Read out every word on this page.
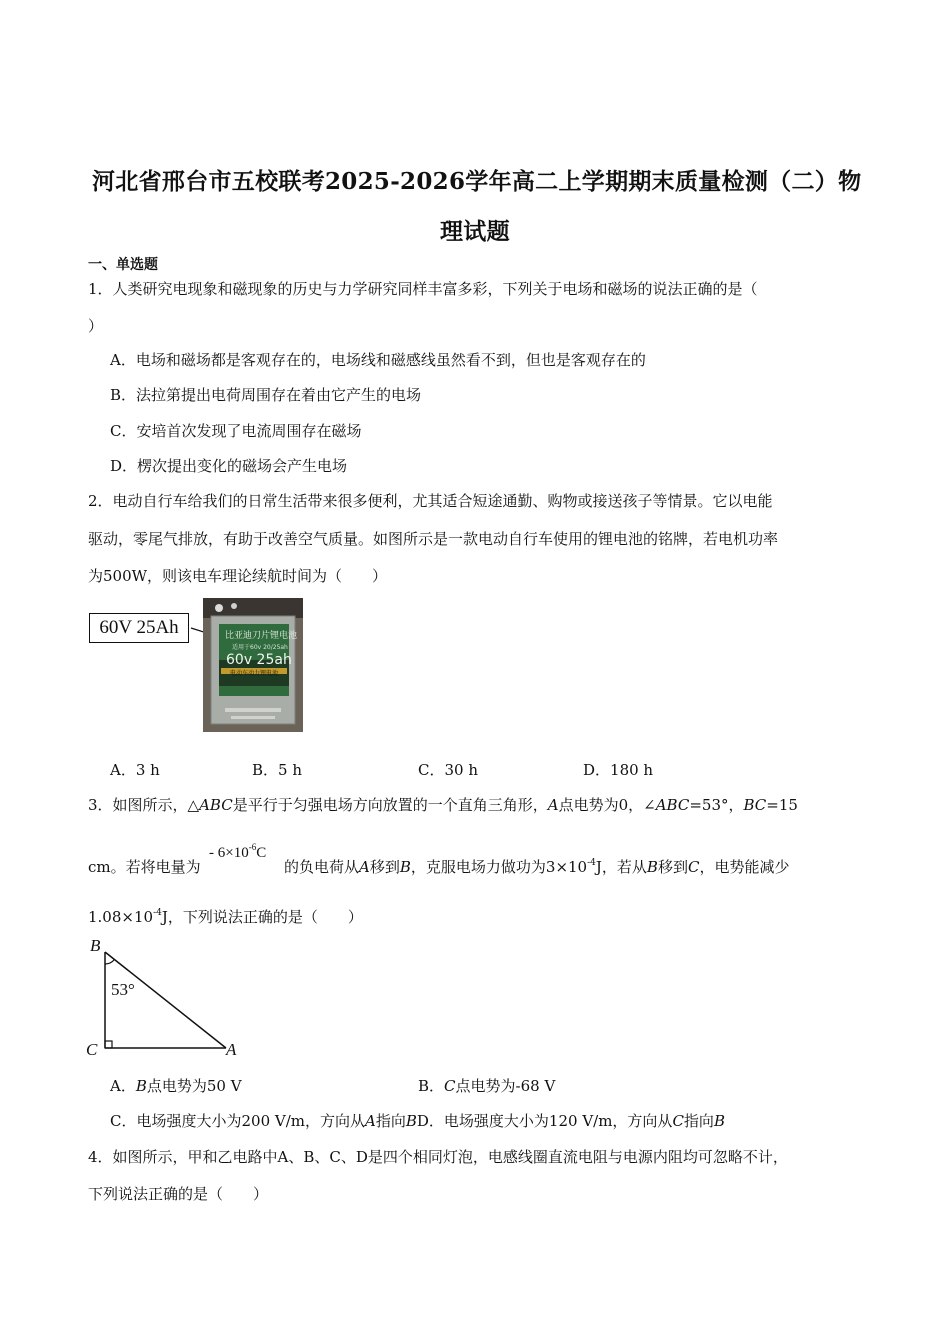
河北省邢台市五校联考2025-2026学年高二上学期期末质量检测（二）物
理试题
一、单选题
1．人类研究电现象和磁现象的历史与力学研究同样丰富多彩，下列关于电场和磁场的说法正确的是（
）
A．电场和磁场都是客观存在的，电场线和磁感线虽然看不到，但也是客观存在的
B．法拉第提出电荷周围存在着由它产生的电场
C．安培首次发现了电流周围存在磁场
D．楞次提出变化的磁场会产生电场
2．电动自行车给我们的日常生活带来很多便利，尤其适合短途通勤、购物或接送孩子等情景。它以电能
驱动，零尾气排放，有助于改善空气质量。如图所示是一款电动自行车使用的锂电池的铭牌，若电机功率
为500W，则该电车理论续航时间为（　　）
60V 25Ah	比亚迪刀片锂电池
适用于60v 20/25ah
60v 25ah
电动车动力锂电池
A．3 h	B．5 h	C．30 h	D．180 h
3．如图所示，△ABC是平行于匀强电场方向放置的一个直角三角形，A点电势为0，∠ABC=53°，BC=15
- $6\times 10^{-6}C$
cm。若将电量为	的负电荷从A移到B，克服电场力做功为$3\times 10^{-4}J$，若从B移到C，电势能减少
$1.08\times 10^{-4}J$，下列说法正确的是（　　）
B
C	A
53°
A．B点电势为50 V	B．C点电势为-68 V
C．电场强度大小为200 V/m，方向从A指向BD．电场强度大小为120 V/m，方向从C指向B
4．如图所示，甲和乙电路中A、B、C、D是四个相同灯泡，电感线圈直流电阻与电源内阻均可忽略不计，
下列说法正确的是（　　）
